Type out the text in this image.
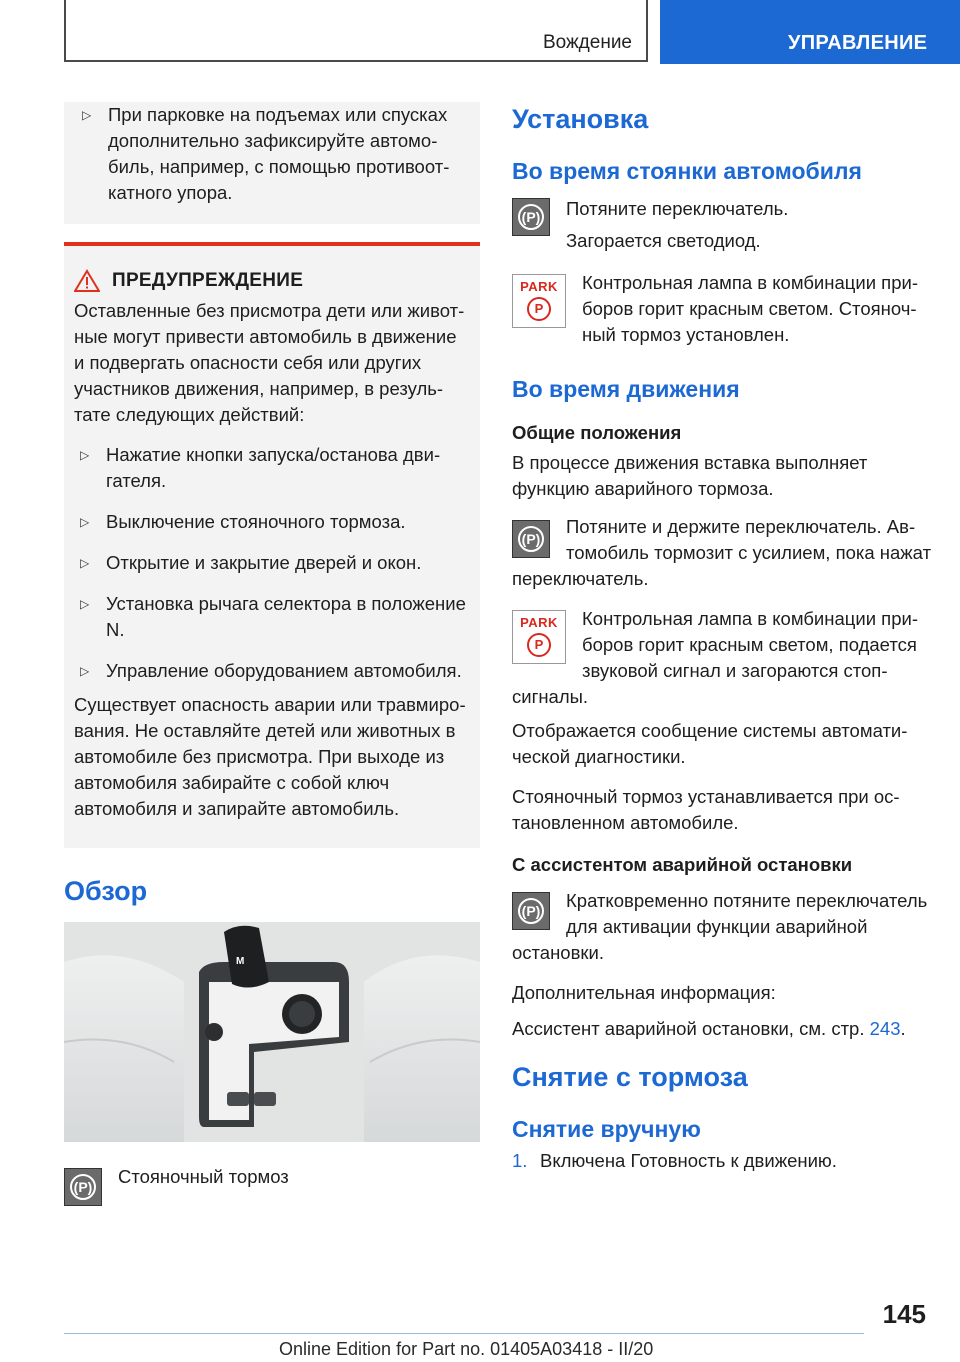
Вождение	УПРАВЛЕНИЕ
▷ При парковке на подъемах или спусках дополнительно зафиксируйте автомобиль, например, с помощью противооткатного упора.
ПРЕДУПРЕЖДЕНИЕ

Оставленные без присмотра дети или животные могут привести автомобиль в движение и подвергать опасности себя или других участников движения, например, в результате следующих действий:

▷ Нажатие кнопки запуска/останова двигателя.
▷ Выключение стояночного тормоза.
▷ Открытие и закрытие дверей и окон.
▷ Установка рычага селектора в положение N.
▷ Управление оборудованием автомобиля.

Существует опасность аварии или травмирования. Не оставляйте детей или животных в автомобиле без присмотра. При выходе из автомобиля забирайте с собой ключ автомобиля и запирайте автомобиль.

Обзор
M
(P) Стояночный тормоз
Установка
Во время стоянки автомобиля
(P)	Потяните переключатель.
Загорается светодиод.
PARK
P
Контрольная лампа в комбинации приборов горит красным светом. Стояночный тормоз установлен.
Во время движения
Общие положения

В процессе движения вставка выполняет функцию аварийного тормоза.

(P)
Потяните и держите переключатель. Автомобиль тормозит с усилием, пока нажат переключатель.
PARK
P
Контрольная лампа в комбинации приборов горит красным светом, подается звуковой сигнал и загораются стоп-сигналы.

Отображается сообщение системы автоматической диагностики.

Стояночный тормоз устанавливается при остановленном автомобиле.

С ассистентом аварийной остановки
(P)	Кратковременно потяните переключатель для активации функции аварийной остановки.

Дополнительная информация:

Ассистент аварийной остановки, см. стр. 243.

Снятие с тормоза
Снятие вручную
1. Включена Готовность к движению.
145
Online Edition for Part no. 01405A03418 - II/20
